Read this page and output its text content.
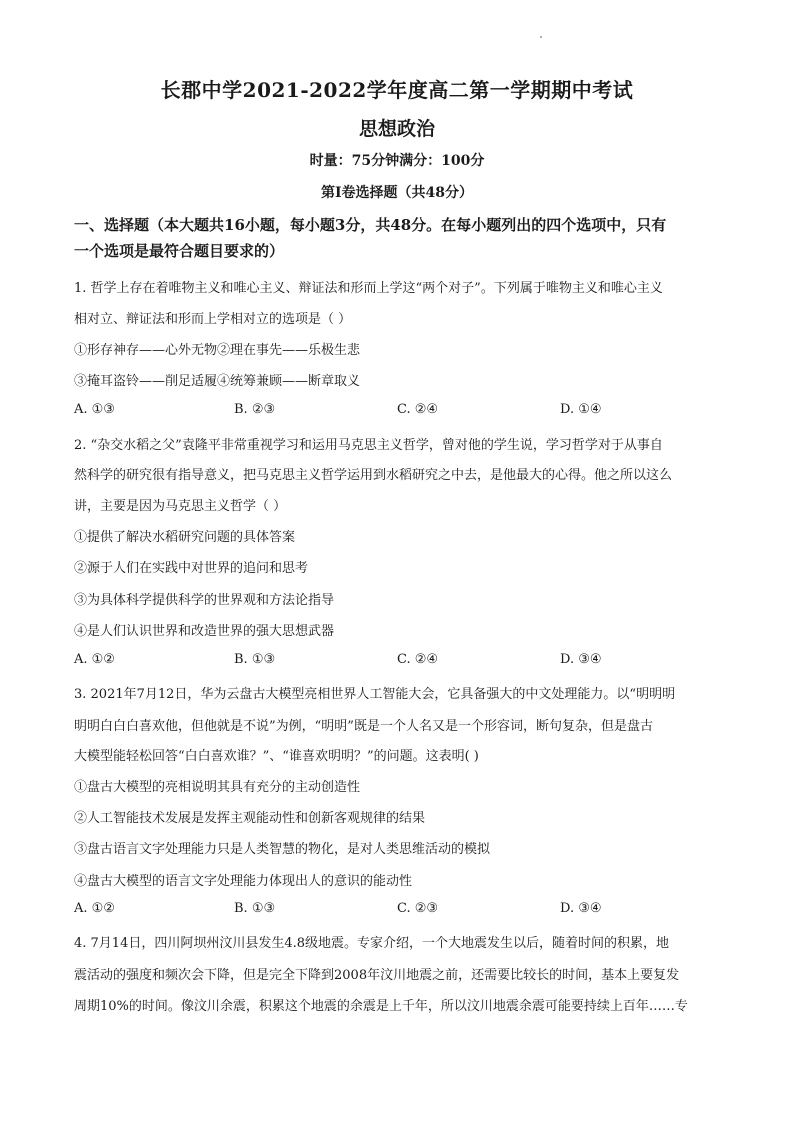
长郡中学2021-2022学年度高二第一学期期中考试
思想政治
时量：75分钟满分：100分
第Ⅰ卷选择题（共48分）
一、选择题（本大题共16小题，每小题3分，共48分。在每小题列出的四个选项中，只有
一个选项是最符合题目要求的）
1. 哲学上存在着唯物主义和唯心主义、辩证法和形而上学这“两个对子”。下列属于唯物主义和唯心主义
相对立、辩证法和形而上学相对立的选项是（ ）
①形存神存——心外无物②理在事先——乐极生悲
③掩耳盗铃——削足适履④统筹兼顾——断章取义
A. ①③	B. ②③	C. ②④	D. ①④
2. “杂交水稻之父”袁隆平非常重视学习和运用马克思主义哲学，曾对他的学生说，学习哲学对于从事自
然科学的研究很有指导意义，把马克思主义哲学运用到水稻研究之中去，是他最大的心得。他之所以这么
讲，主要是因为马克思主义哲学（ ）
①提供了解决水稻研究问题的具体答案
②源于人们在实践中对世界的追问和思考
③为具体科学提供科学的世界观和方法论指导
④是人们认识世界和改造世界的强大思想武器
A. ①②	B. ①③	C. ②④	D. ③④
3. 2021年7月12日，华为云盘古大模型亮相世界人工智能大会，它具备强大的中文处理能力。以“明明明
明明白白白喜欢他，但他就是不说”为例，“明明”既是一个人名又是一个形容词，断句复杂，但是盘古
大模型能轻松回答“白白喜欢谁？”、“谁喜欢明明？”的问题。这表明( )
①盘古大模型的亮相说明其具有充分的主动创造性
②人工智能技术发展是发挥主观能动性和创新客观规律的结果
③盘古语言文字处理能力只是人类智慧的物化，是对人类思维活动的模拟
④盘古大模型的语言文字处理能力体现出人的意识的能动性
A. ①②	B. ①③	C. ②③	D. ③④
4. 7月14日，四川阿坝州汶川县发生4.8级地震。专家介绍，一个大地震发生以后，随着时间的积累，地
震活动的强度和频次会下降，但是完全下降到2008年汶川地震之前，还需要比较长的时间，基本上要复发
周期10%的时间。像汶川余震，积累这个地震的余震是上千年，所以汶川地震余震可能要持续上百年……专
